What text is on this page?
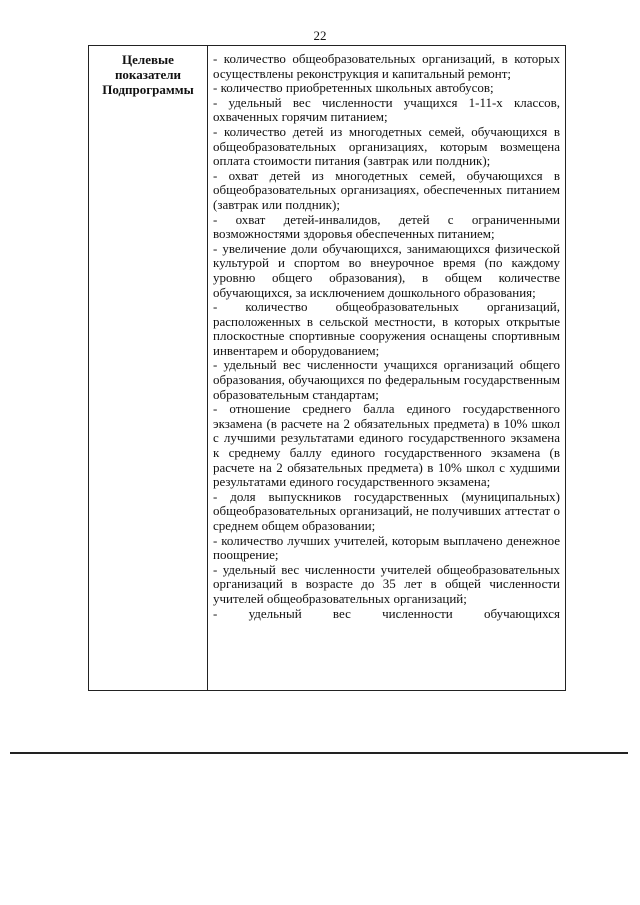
22
Целевые
показатели
Подпрограммы

- количество общеобразовательных организаций, в которых осуществлены реконструкция и капитальный ремонт;

- количество приобретенных школьных автобусов;

- удельный вес численности учащихся 1-11-х классов, охваченных горячим питанием;

- количество детей из многодетных семей, обучающихся в общеобразовательных организациях, которым возмещена оплата стоимости питания (завтрак или полдник);

- охват детей из многодетных семей, обучающихся в общеобразовательных организациях, обеспеченных питанием (завтрак или полдник);

- охват детей-инвалидов, детей с ограниченными возможностями здоровья обеспеченных питанием;

- увеличение доли обучающихся, занимающихся физической культурой и спортом во внеурочное время (по каждому уровню общего образования), в общем количестве обучающихся, за исключением дошкольного образования;

- количество общеобразовательных организаций, расположенных в сельской местности, в которых открытые плоскостные спортивные сооружения оснащены спортивным инвентарем и оборудованием;

- удельный вес численности учащихся организаций общего образования, обучающихся по федеральным государственным образовательным стандартам;

- отношение среднего балла единого государственного экзамена (в расчете на 2 обязательных предмета) в 10% школ с лучшими результатами единого государственного экзамена к среднему баллу единого государственного экзамена (в расчете на 2 обязательных предмета) в 10% школ с худшими результатами единого государственного экзамена;

- доля выпускников государственных (муниципальных) общеобразовательных организаций, не получивших аттестат о среднем общем образовании;

- количество лучших учителей, которым выплачено денежное поощрение;

- удельный вес численности учителей общеобразовательных организаций в возрасте до 35 лет в общей численности учителей общеобразовательных организаций;

- удельный вес численности обучающихся
